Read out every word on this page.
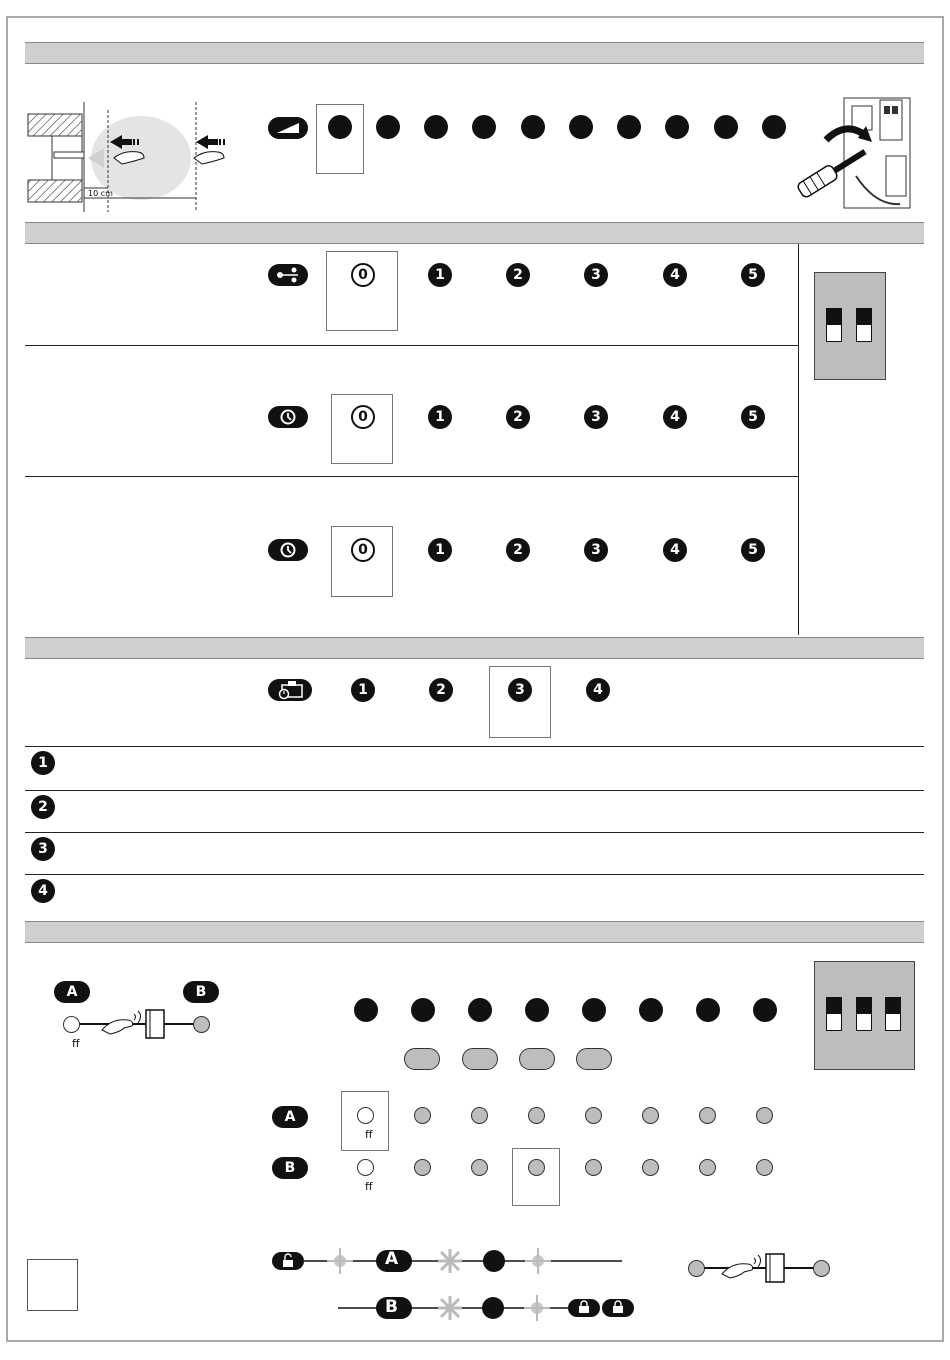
10 cm
0	1	2	3	4	5
0	1	2	3	4	5
0	1	2	3	4	5
1	2	3	4
1
2
3
4
A	B
ff
A
ff
B
ff
A
B
